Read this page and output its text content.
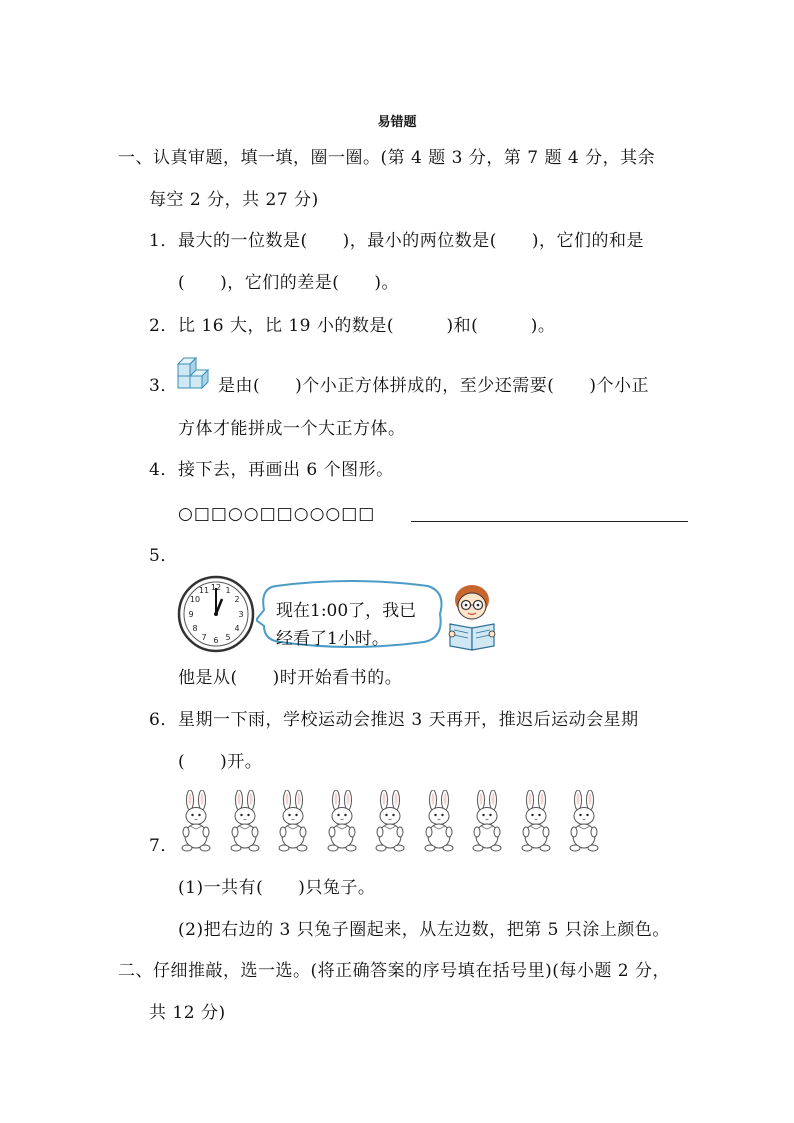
易错题
一、认真审题，填一填，圈一圈。(第 4 题 3 分，第 7 题 4 分，其余
每空 2 分，共 27 分)
1． 最大的一位数是(　　)，最小的两位数是(　　)，它们的和是
(　　)，它们的差是(　　)。
2． 比 16 大，比 19 小的数是(　　　)和(　　　)。
3． 是由(　　)个小正方体拼成的，至少还需要(　　)个小正
方体才能拼成一个大正方体。
4． 接下去，再画出 6 个图形。
○□□○○□□○○○□□
5．
12 1
2
3
4
5
6
7
8
9
10
11
现在1:00了，我已
经看了1小时。
他是从(　　)时开始看书的。
6． 星期一下雨，学校运动会推迟 3 天再开，推迟后运动会星期
(　　)开。
7．
(1)一共有(　　)只兔子。
(2)把右边的 3 只兔子圈起来，从左边数，把第 5 只涂上颜色。
二、仔细推敲，选一选。(将正确答案的序号填在括号里)(每小题 2 分，
共 12 分)
